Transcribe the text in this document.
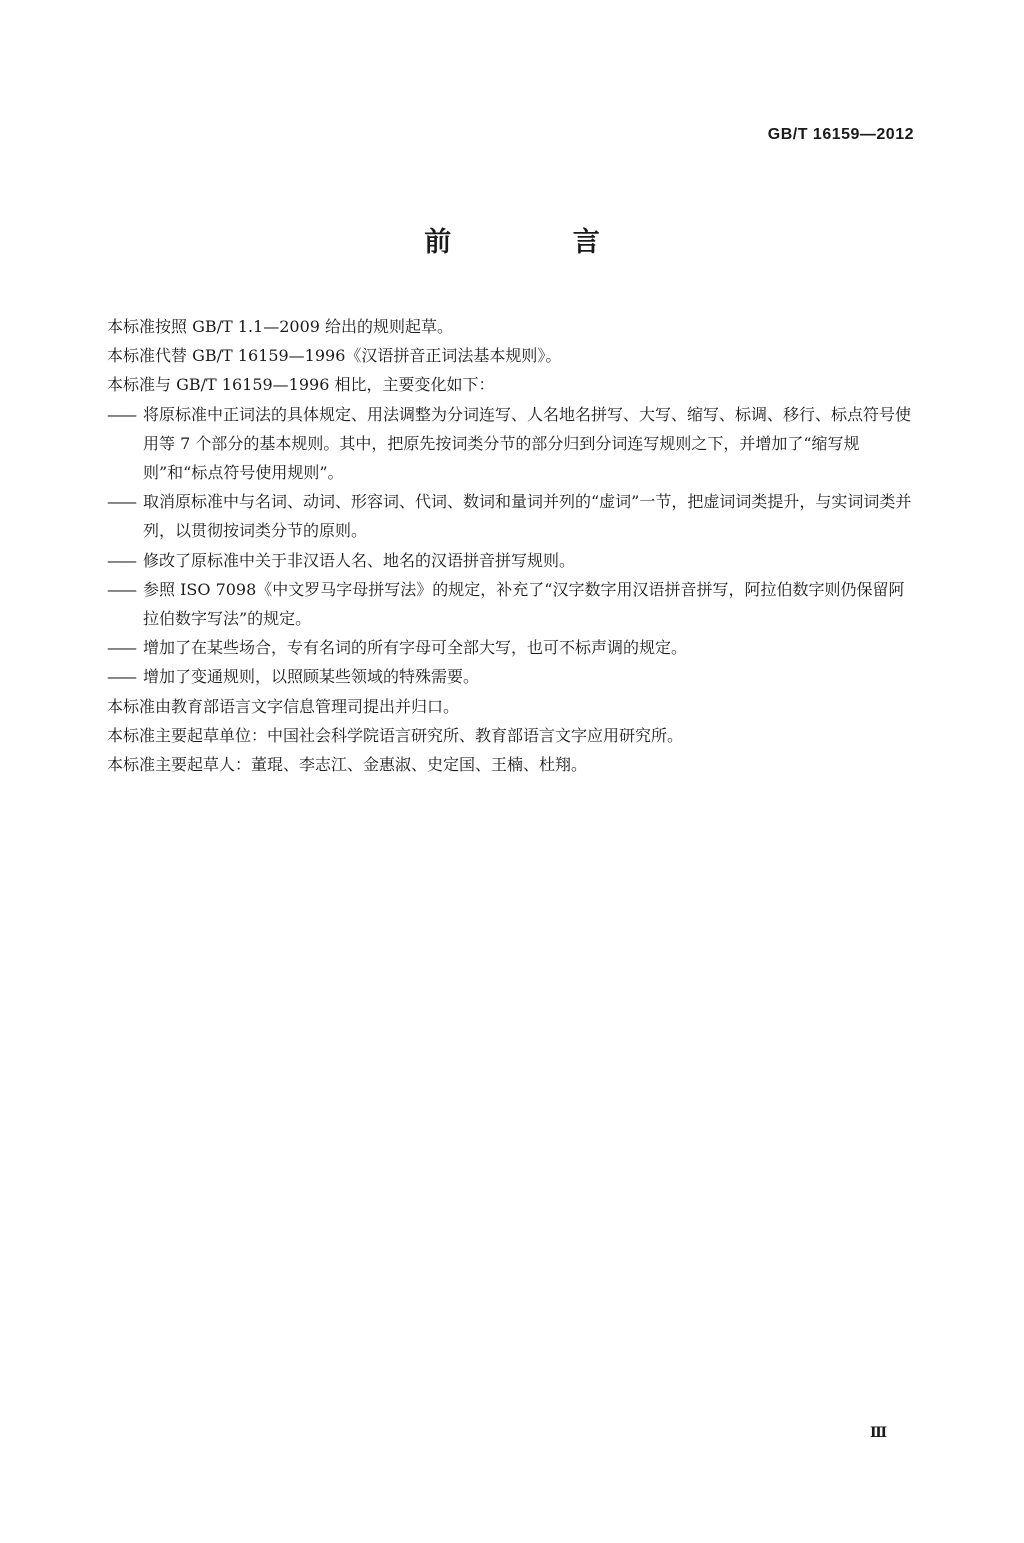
GB/T 16159—2012
前 言

本标准按照 GB/T 1.1—2009 给出的规则起草。

本标准代替 GB/T 16159—1996《汉语拼音正词法基本规则》。

本标准与 GB/T 16159—1996 相比，主要变化如下：

—— 将原标准中正词法的具体规定、用法调整为分词连写、人名地名拼写、大写、缩写、标调、移行、标点符号使用等 7 个部分的基本规则。其中，把原先按词类分节的部分归到分词连写规则之下，并增加了“缩写规则”和“标点符号使用规则”。

—— 取消原标准中与名词、动词、形容词、代词、数词和量词并列的“虚词”一节，把虚词词类提升，与实词词类并列，以贯彻按词类分节的原则。

—— 修改了原标准中关于非汉语人名、地名的汉语拼音拼写规则。

—— 参照 ISO 7098《中文罗马字母拼写法》的规定，补充了“汉字数字用汉语拼音拼写，阿拉伯数字则仍保留阿拉伯数字写法”的规定。

—— 增加了在某些场合，专有名词的所有字母可全部大写，也可不标声调的规定。

—— 增加了变通规则，以照顾某些领域的特殊需要。

本标准由教育部语言文字信息管理司提出并归口。

本标准主要起草单位：中国社会科学院语言研究所、教育部语言文字应用研究所。

本标准主要起草人：董琨、李志江、金惠淑、史定国、王楠、杜翔。

Ⅲ
